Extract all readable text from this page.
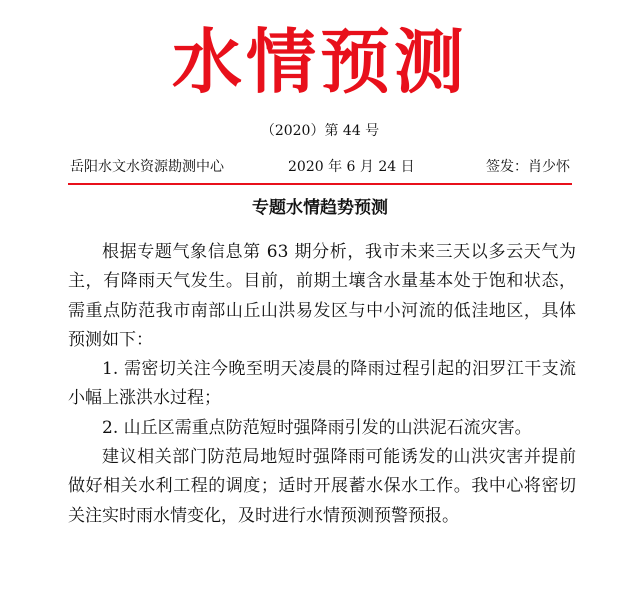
水情预测
（2020）第 44 号
岳阳水文水资源勘测中心	2020 年 6 月 24 日	签发：肖少怀
专题水情趋势预测

根据专题气象信息第 63 期分析，我市未来三天以多云天气为主，有降雨天气发生。目前，前期土壤含水量基本处于饱和状态，需重点防范我市南部山丘山洪易发区与中小河流的低洼地区，具体预测如下：

1. 需密切关注今晚至明天凌晨的降雨过程引起的汨罗江干支流小幅上涨洪水过程；

2. 山丘区需重点防范短时强降雨引发的山洪泥石流灾害。

建议相关部门防范局地短时强降雨可能诱发的山洪灾害并提前做好相关水利工程的调度；适时开展蓄水保水工作。我中心将密切关注实时雨水情变化，及时进行水情预测预警预报。
